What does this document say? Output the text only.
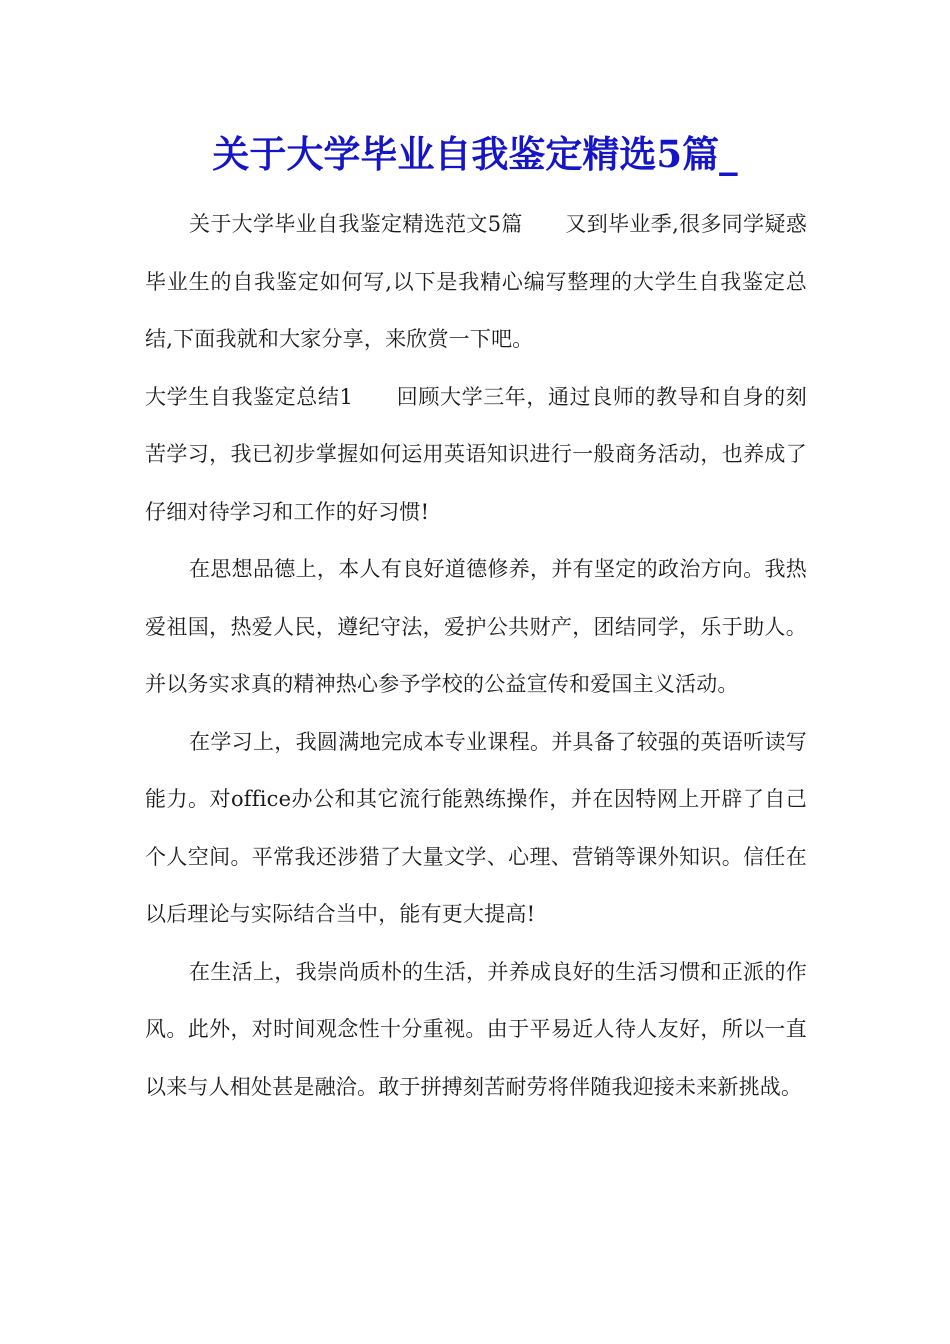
关于大学毕业自我鉴定精选5篇_

关于大学毕业自我鉴定精选范文5篇　　又到毕业季,很多同学疑惑毕业生的自我鉴定如何写,以下是我精心编写整理的大学生自我鉴定总结,下面我就和大家分享，来欣赏一下吧。

大学生自我鉴定总结1　　回顾大学三年，通过良师的教导和自身的刻苦学习，我已初步掌握如何运用英语知识进行一般商务活动，也养成了仔细对待学习和工作的好习惯!

在思想品德上，本人有良好道德修养，并有坚定的政治方向。我热爱祖国，热爱人民，遵纪守法，爱护公共财产，团结同学，乐于助人。并以务实求真的精神热心参予学校的公益宣传和爱国主义活动。

在学习上，我圆满地完成本专业课程。并具备了较强的英语听读写能力。对office办公和其它流行能熟练操作，并在因特网上开辟了自己个人空间。平常我还涉猎了大量文学、心理、营销等课外知识。信任在以后理论与实际结合当中，能有更大提高!

在生活上，我崇尚质朴的生活，并养成良好的生活习惯和正派的作风。此外，对时间观念性十分重视。由于平易近人待人友好，所以一直以来与人相处甚是融洽。敢于拼搏刻苦耐劳将伴随我迎接未来新挑战。
